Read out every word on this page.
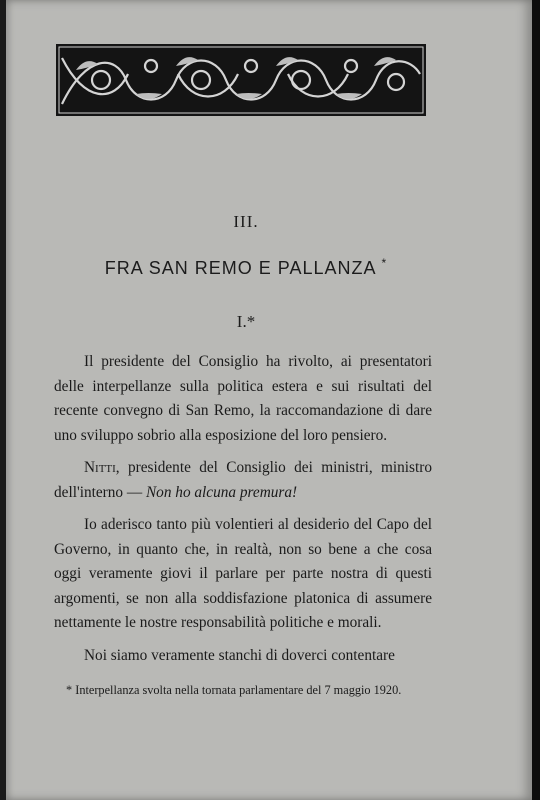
III.
FRA SAN REMO E PALLANZA *
I.*

Il presidente del Consiglio ha rivolto, ai presentatori delle interpellanze sulla politica estera e sui risultati del recente convegno di San Remo, la raccomandazione di dare uno sviluppo sobrio alla esposizione del loro pensiero.

Nitti, presidente del Consiglio dei ministri, ministro dell'interno — Non ho alcuna premura!

Io aderisco tanto più volentieri al desiderio del Capo del Governo, in quanto che, in realtà, non so bene a che cosa oggi veramente giovi il parlare per parte nostra di questi argomenti, se non alla soddisfazione platonica di assumere nettamente le nostre responsabilità politiche e morali.

Noi siamo veramente stanchi di doverci contentare

* Interpellanza svolta nella tornata parlamentare del 7 maggio 1920.
